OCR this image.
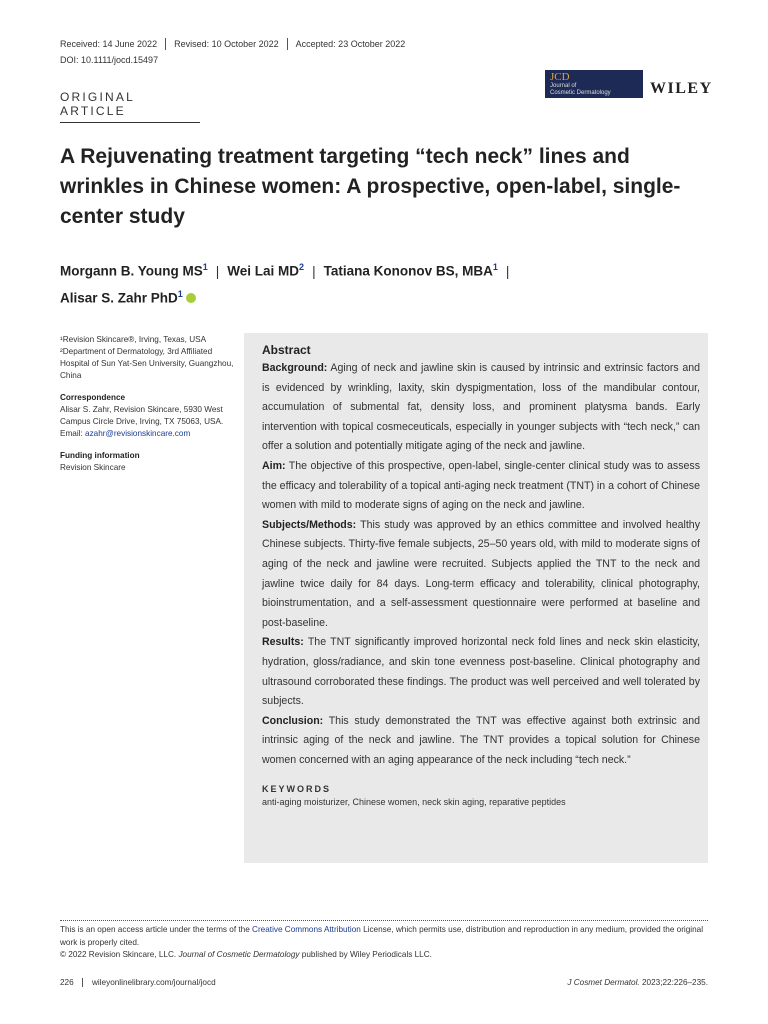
Received: 14 June 2022	Revised: 10 October 2022	Accepted: 23 October 2022
DOI: 10.1111/jocd.15497
ORIGINAL ARTICLE
JCD
Journal of
Cosmetic Dermatology	WILEY
A Rejuvenating treatment targeting “tech neck” lines and wrinkles in Chinese women: A prospective, open-label, single-center study
Morgann B. Young $MS^1$ | Wei Lai $MD^2$ | Tatiana Kononov BS, MBA$^1$ |
Alisar S. Zahr PhD$^1$

¹Revision Skincare®, Irving, Texas, USA

²Department of Dermatology, 3rd Affiliated Hospital of Sun Yat-Sen University, Guangzhou, China

Correspondence

Alisar S. Zahr, Revision Skincare, 5930 West Campus Circle Drive, Irving, TX 75063, USA.

Email: azahr@revisionskincare.com

Funding information

Revision Skincare

Abstract

Background: Aging of neck and jawline skin is caused by intrinsic and extrinsic factors and is evidenced by wrinkling, laxity, skin dyspigmentation, loss of the mandibular contour, accumulation of submental fat, density loss, and prominent platysma bands. Early intervention with topical cosmeceuticals, especially in younger subjects with “tech neck,” can offer a solution and potentially mitigate aging of the neck and jawline.

Aim: The objective of this prospective, open-label, single-center clinical study was to assess the efficacy and tolerability of a topical anti-aging neck treatment (TNT) in a cohort of Chinese women with mild to moderate signs of aging on the neck and jawline.

Subjects/Methods: This study was approved by an ethics committee and involved healthy Chinese subjects. Thirty-five female subjects, 25–50 years old, with mild to moderate signs of aging of the neck and jawline were recruited. Subjects applied the TNT to the neck and jawline twice daily for 84 days. Long-term efficacy and tolerability, clinical photography, bioinstrumentation, and a self-assessment questionnaire were performed at baseline and post-baseline.

Results: The TNT significantly improved horizontal neck fold lines and neck skin elasticity, hydration, gloss/radiance, and skin tone evenness post-baseline. Clinical photography and ultrasound corroborated these findings. The product was well perceived and well tolerated by subjects.

Conclusion: This study demonstrated the TNT was effective against both extrinsic and intrinsic aging of the neck and jawline. The TNT provides a topical solution for Chinese women concerned with an aging appearance of the neck including “tech neck.”

KEYWORDS
anti-aging moisturizer, Chinese women, neck skin aging, reparative peptides

This is an open access article under the terms of the Creative Commons Attribution License, which permits use, distribution and reproduction in any medium, provided the original work is properly cited.

© 2022 Revision Skincare, LLC. Journal of Cosmetic Dermatology published by Wiley Periodicals LLC.

226	wileyonlinelibrary.com/journal/jocd	J Cosmet Dermatol. 2023;22:226–235.
